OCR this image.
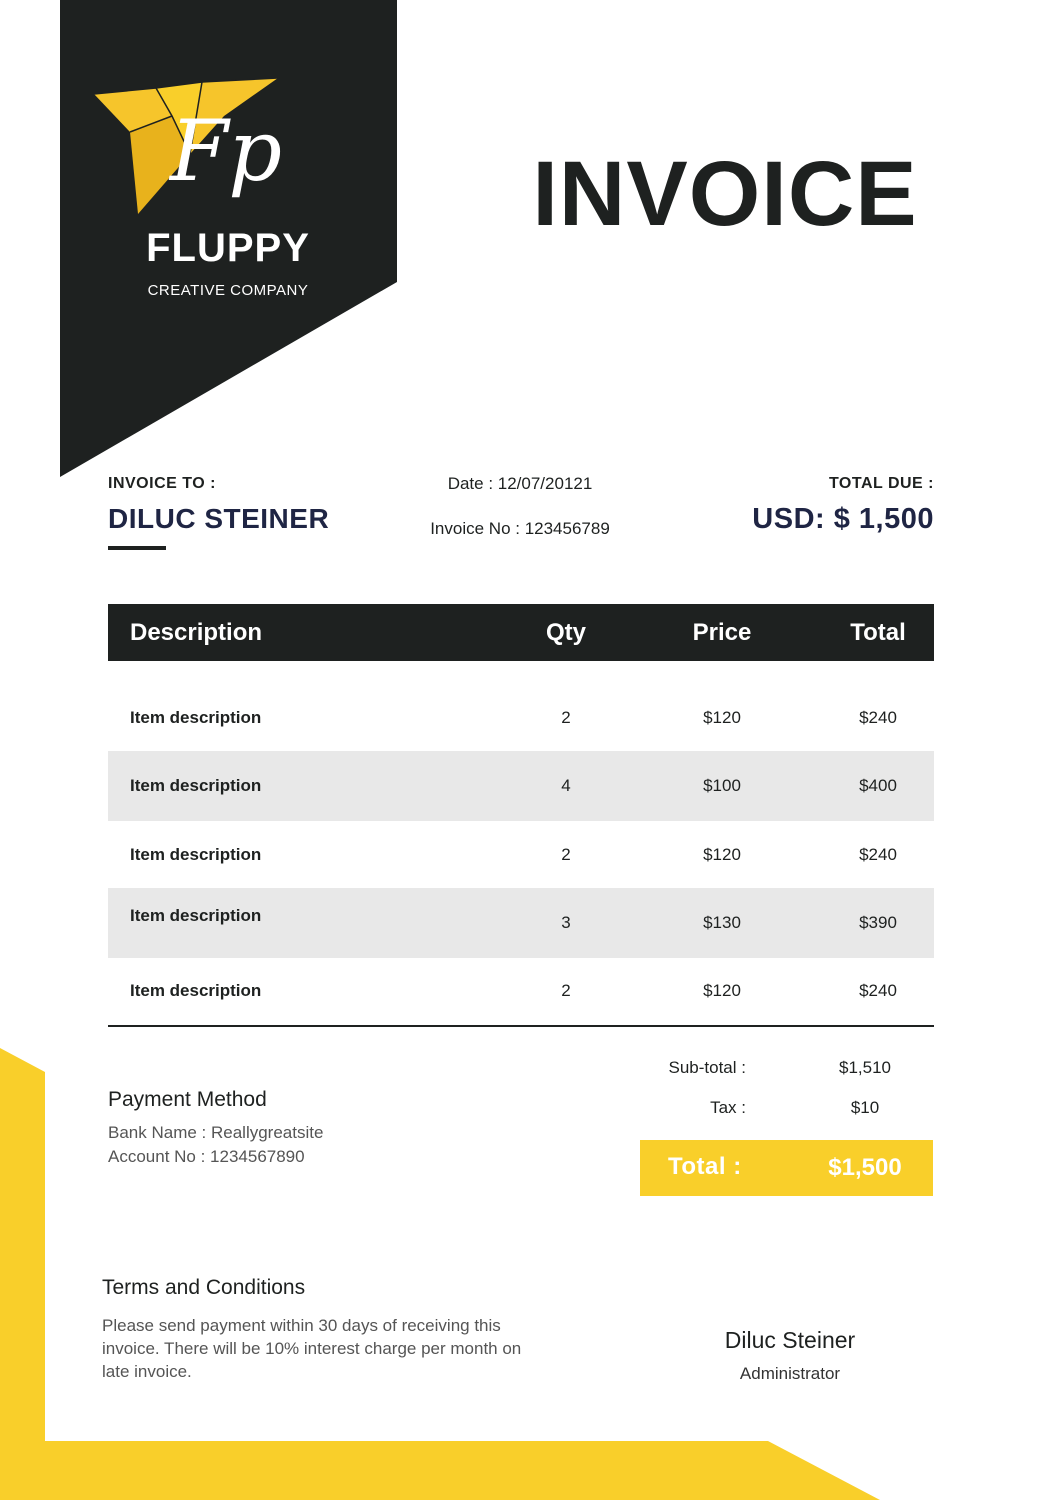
Fp
FLUPPY
CREATIVE COMPANY
INVOICE
INVOICE TO :
DILUC STEINER
Date : 12/07/20121
Invoice No : 123456789
TOTAL DUE :
USD: $ 1,500
Description	Qty	Price	Total
Item description	2	$120	$240
Item description	4	$100	$400
Item description	2	$120	$240
Item description	3	$130	$390
Item description	2	$120	$240
Sub-total :	$1,510
Tax :	$10
Total :	$1,500
Payment Method
Bank Name : Reallygreatsite
Account No : 1234567890
Terms and Conditions
Please send payment within 30 days of receiving this invoice. There will be 10% interest charge per month on late invoice.
Diluc Steiner
Administrator
